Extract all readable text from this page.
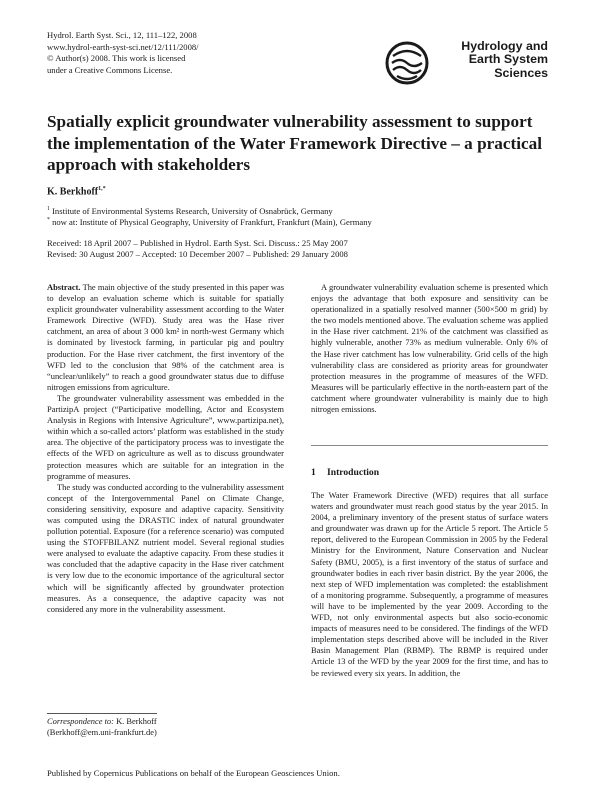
Hydrol. Earth Syst. Sci., 12, 111–122, 2008
www.hydrol-earth-syst-sci.net/12/111/2008/
© Author(s) 2008. This work is licensed
under a Creative Commons License.
Hydrology and
Earth System
Sciences
Spatially explicit groundwater vulnerability assessment to support the implementation of the Water Framework Directive – a practical approach with stakeholders
K. Berkhoff$^{1,*}$
$^1$ Institute of Environmental Systems Research, University of Osnabrück, Germany
* now at: Institute of Physical Geography, University of Frankfurt, Frankfurt (Main), Germany
Received: 18 April 2007 – Published in Hydrol. Earth Syst. Sci. Discuss.: 25 May 2007
Revised: 30 August 2007 – Accepted: 10 December 2007 – Published: 29 January 2008

Abstract. The main objective of the study presented in this paper was to develop an evaluation scheme which is suitable for spatially explicit groundwater vulnerability assessment according to the Water Framework Directive (WFD). Study area was the Hase river catchment, an area of about 3 000 km² in north-west Germany which is dominated by livestock farming, in particular pig and poultry production. For the Hase river catchment, the first inventory of the WFD led to the conclusion that 98% of the catchment area is “unclear/unlikely” to reach a good groundwater status due to diffuse nitrogen emissions from agriculture.

The groundwater vulnerability assessment was embedded in the PartizipA project (“Participative modelling, Actor and Ecosystem Analysis in Regions with Intensive Agriculture”, www.partizipa.net), within which a so-called actors’ platform was established in the study area. The objective of the participatory process was to investigate the effects of the WFD on agriculture as well as to discuss groundwater protection measures which are suitable for an integration in the programme of measures.

The study was conducted according to the vulnerability assessment concept of the Intergovernmental Panel on Climate Change, considering sensitivity, exposure and adaptive capacity. Sensitivity was computed using the DRASTIC index of natural groundwater pollution potential. Exposure (for a reference scenario) was computed using the STOFFBILANZ nutrient model. Several regional studies were analysed to evaluate the adaptive capacity. From these studies it was concluded that the adaptive capacity in the Hase river catchment is very low due to the economic importance of the agricultural sector which will be significantly affected by groundwater protection measures. As a consequence, the adaptive capacity was not considered any more in the vulnerability assessment.

Correspondence to: K. Berkhoff
(Berkhoff@em.uni-frankfurt.de)

A groundwater vulnerability evaluation scheme is presented which enjoys the advantage that both exposure and sensitivity can be operationalized in a spatially resolved manner (500×500 m grid) by the two models mentioned above. The evaluation scheme was applied in the Hase river catchment. 21% of the catchment was classified as highly vulnerable, another 73% as medium vulnerable. Only 6% of the Hase river catchment has low vulnerability. Grid cells of the high vulnerability class are considered as priority areas for groundwater protection measures in the programme of measures of the WFD. Measures will be particularly effective in the north-eastern part of the catchment where groundwater vulnerability is mainly due to high nitrogen emissions.

1 Introduction

The Water Framework Directive (WFD) requires that all surface waters and groundwater must reach good status by the year 2015. In 2004, a preliminary inventory of the present status of surface waters and groundwater was drawn up for the Article 5 report. The Article 5 report, delivered to the European Commission in 2005 by the Federal Ministry for the Environment, Nature Conservation and Nuclear Safety (BMU, 2005), is a first inventory of the status of surface and groundwater bodies in each river basin district. By the year 2006, the next step of WFD implementation was completed: the establishment of a monitoring programme. Subsequently, a programme of measures will have to be implemented by the year 2009. According to the WFD, not only environmental aspects but also socio-economic impacts of measures need to be considered. The findings of the WFD implementation steps described above will be included in the River Basin Management Plan (RBMP). The RBMP is required under Article 13 of the WFD by the year 2009 for the first time, and has to be reviewed every six years. In addition, the

Published by Copernicus Publications on behalf of the European Geosciences Union.
